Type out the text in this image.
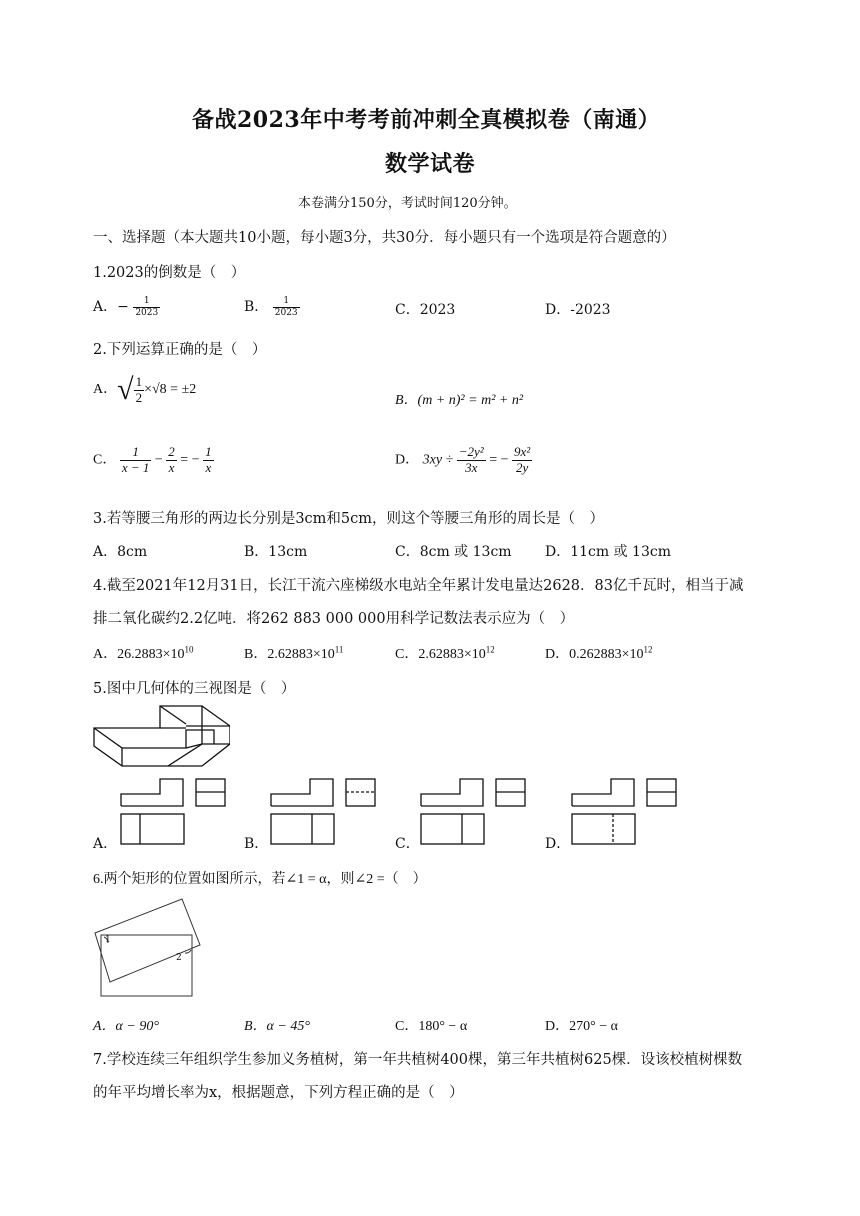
备战2023年中考考前冲刺全真模拟卷（南通）
数学试卷
本卷满分150分，考试时间120分钟。
一、选择题（本大题共10小题，每小题3分，共30分．每小题只有一个选项是符合题意的）
1.2023的倒数是（　）
A．− $\frac{1}{2023}$	B． $\frac{1}{2023}$	C．2023	D．-2023
2.下列运算正确的是（　）
A．√ $\frac{1}{2} \times√8 = \pm 2$
B．(m + n)² = m² + n²
C． $\frac{1}{x - 1} - \frac{2}{x}$ = − $\frac{1}{x}$	D． $3xy \div \frac{\text{−2y²}}{3x}$ = − $\frac{\text{9x²}}{2y}$
3.若等腰三角形的两边长分别是3cm和5cm，则这个等腰三角形的周长是（　）
A．8cm	B．13cm	C．8cm 或 13cm D．11cm 或 13cm
4.截至2021年12月31日，长江干流六座梯级水电站全年累计发电量达2628．83亿千瓦时，相当于减
排二氧化碳约2.2亿吨．将262 883 000 000用科学记数法表示应为（　）
A．$26.2883\times 10^{10}$	B．$2.62883\times 10^{11}$	C．$2.62883\times 10^{12}$	D．$0.262883\times 10^{12}$
5.图中几何体的三视图是（　）
A．	B．	C．	D．
6.两个矩形的位置如图所示，若∠1 = α，则∠2 =（　）
1
2
A．α − 90°	B．α − 45°	C．180° − α	D．270° − α
7.学校连续三年组织学生参加义务植树，第一年共植树400棵，第三年共植树625棵．设该校植树棵数
的年平均增长率为x，根据题意，下列方程正确的是（　）
